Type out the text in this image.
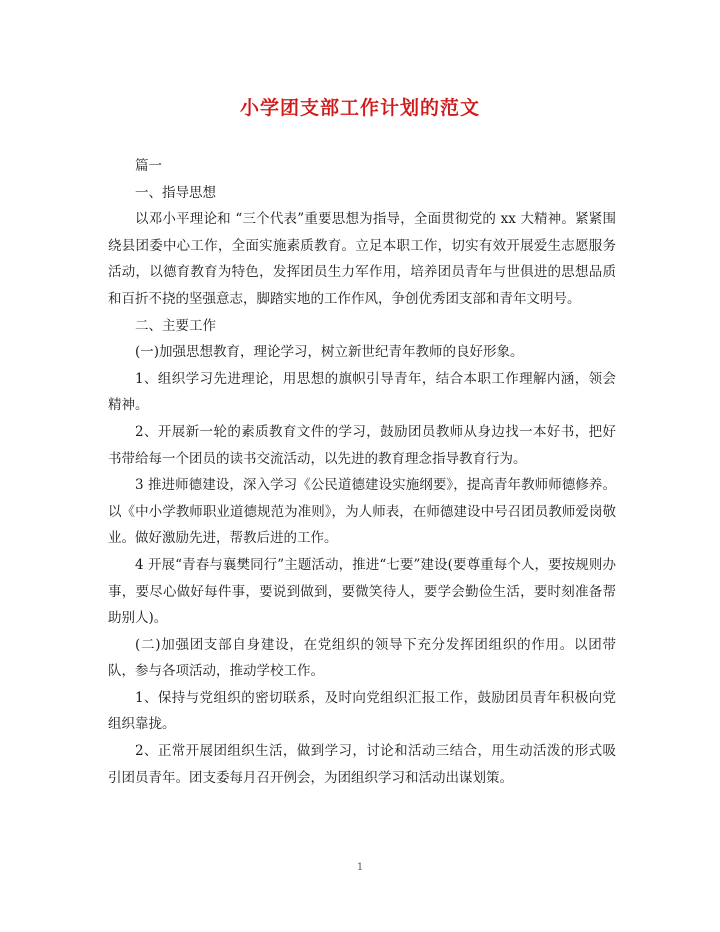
小学团支部工作计划的范文

篇一

一、指导思想

以邓小平理论和 “三个代表”重要思想为指导，全面贯彻党的 xx 大精神。紧紧围绕县团委中心工作，全面实施素质教育。立足本职工作，切实有效开展爱生志愿服务活动，以德育教育为特色，发挥团员生力军作用，培养团员青年与世俱进的思想品质和百折不挠的坚强意志，脚踏实地的工作作风，争创优秀团支部和青年文明号。

二、主要工作

(一)加强思想教育，理论学习，树立新世纪青年教师的良好形象。

1、组织学习先进理论，用思想的旗帜引导青年，结合本职工作理解内涵，领会精神。

2、开展新一轮的素质教育文件的学习，鼓励团员教师从身边找一本好书，把好书带给每一个团员的读书交流活动，以先进的教育理念指导教育行为。

3 推进师德建设，深入学习《公民道德建设实施纲要》，提高青年教师师德修养。以《中小学教师职业道德规范为准则》，为人师表，在师德建设中号召团员教师爱岗敬业。做好激励先进，帮教后进的工作。

4 开展“青春与襄樊同行”主题活动，推进“七要”建设(要尊重每个人，要按规则办事，要尽心做好每件事，要说到做到，要微笑待人，要学会勤俭生活，要时刻准备帮助别人)。

(二)加强团支部自身建设，在党组织的领导下充分发挥团组织的作用。以团带队，参与各项活动，推动学校工作。

1、保持与党组织的密切联系，及时向党组织汇报工作，鼓励团员青年积极向党组织靠拢。

2、正常开展团组织生活，做到学习，讨论和活动三结合，用生动活泼的形式吸引团员青年。团支委每月召开例会，为团组织学习和活动出谋划策。

1
